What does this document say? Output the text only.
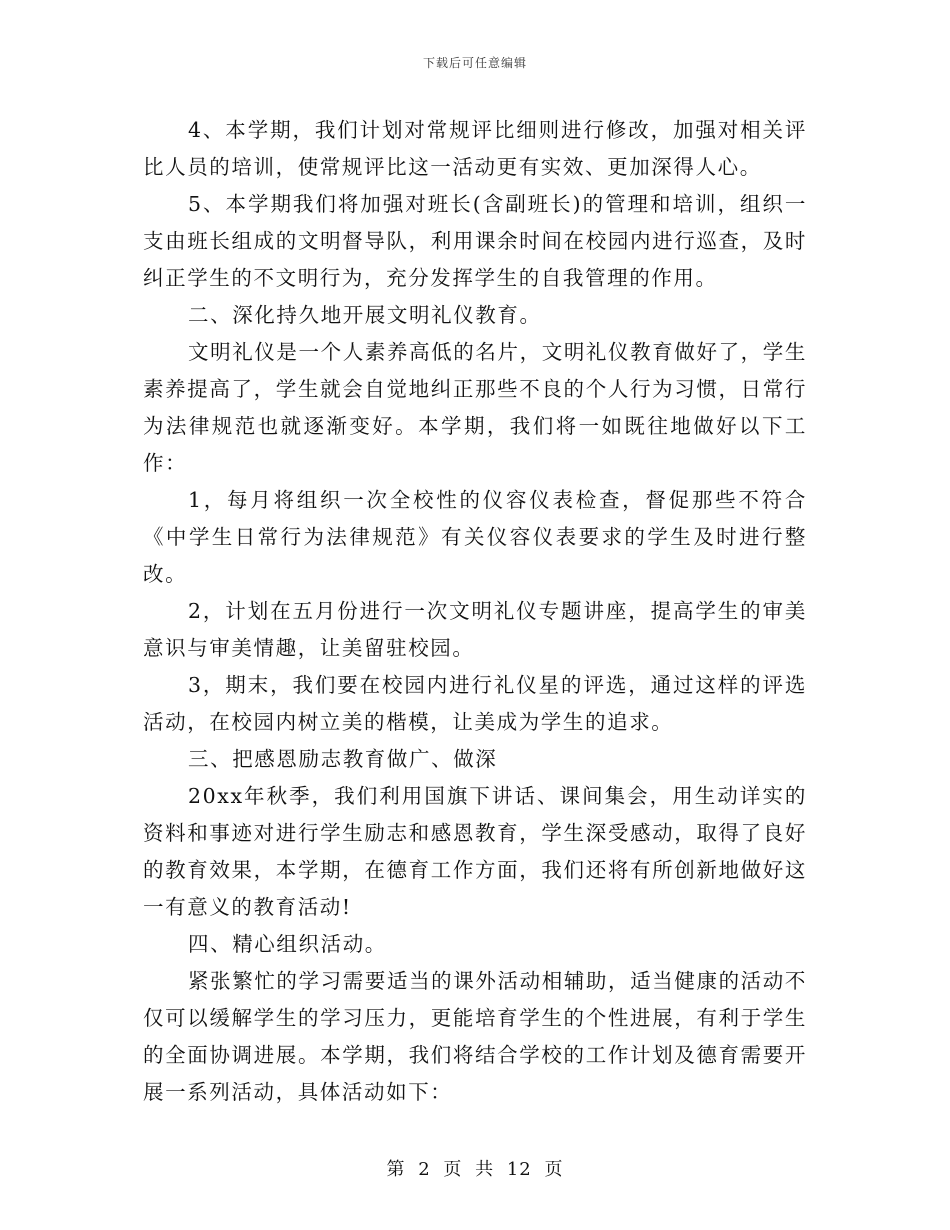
下载后可任意编辑

4、本学期，我们计划对常规评比细则进行修改，加强对相关评比人员的培训，使常规评比这一活动更有实效、更加深得人心。

5、本学期我们将加强对班长(含副班长)的管理和培训，组织一支由班长组成的文明督导队，利用课余时间在校园内进行巡查，及时纠正学生的不文明行为，充分发挥学生的自我管理的作用。

二、深化持久地开展文明礼仪教育。

文明礼仪是一个人素养高低的名片，文明礼仪教育做好了，学生素养提高了，学生就会自觉地纠正那些不良的个人行为习惯，日常行为法律规范也就逐渐变好。本学期，我们将一如既往地做好以下工作：

1，每月将组织一次全校性的仪容仪表检查，督促那些不符合《中学生日常行为法律规范》有关仪容仪表要求的学生及时进行整改。

2，计划在五月份进行一次文明礼仪专题讲座，提高学生的审美意识与审美情趣，让美留驻校园。

3，期末，我们要在校园内进行礼仪星的评选，通过这样的评选活动，在校园内树立美的楷模，让美成为学生的追求。

三、把感恩励志教育做广、做深

20xx年秋季，我们利用国旗下讲话、课间集会，用生动详实的资料和事迹对进行学生励志和感恩教育，学生深受感动，取得了良好的教育效果，本学期，在德育工作方面，我们还将有所创新地做好这一有意义的教育活动!

四、精心组织活动。

紧张繁忙的学习需要适当的课外活动相辅助，适当健康的活动不仅可以缓解学生的学习压力，更能培育学生的个性进展，有利于学生的全面协调进展。本学期，我们将结合学校的工作计划及德育需要开展一系列活动，具体活动如下：

第 2 页 共 12 页
